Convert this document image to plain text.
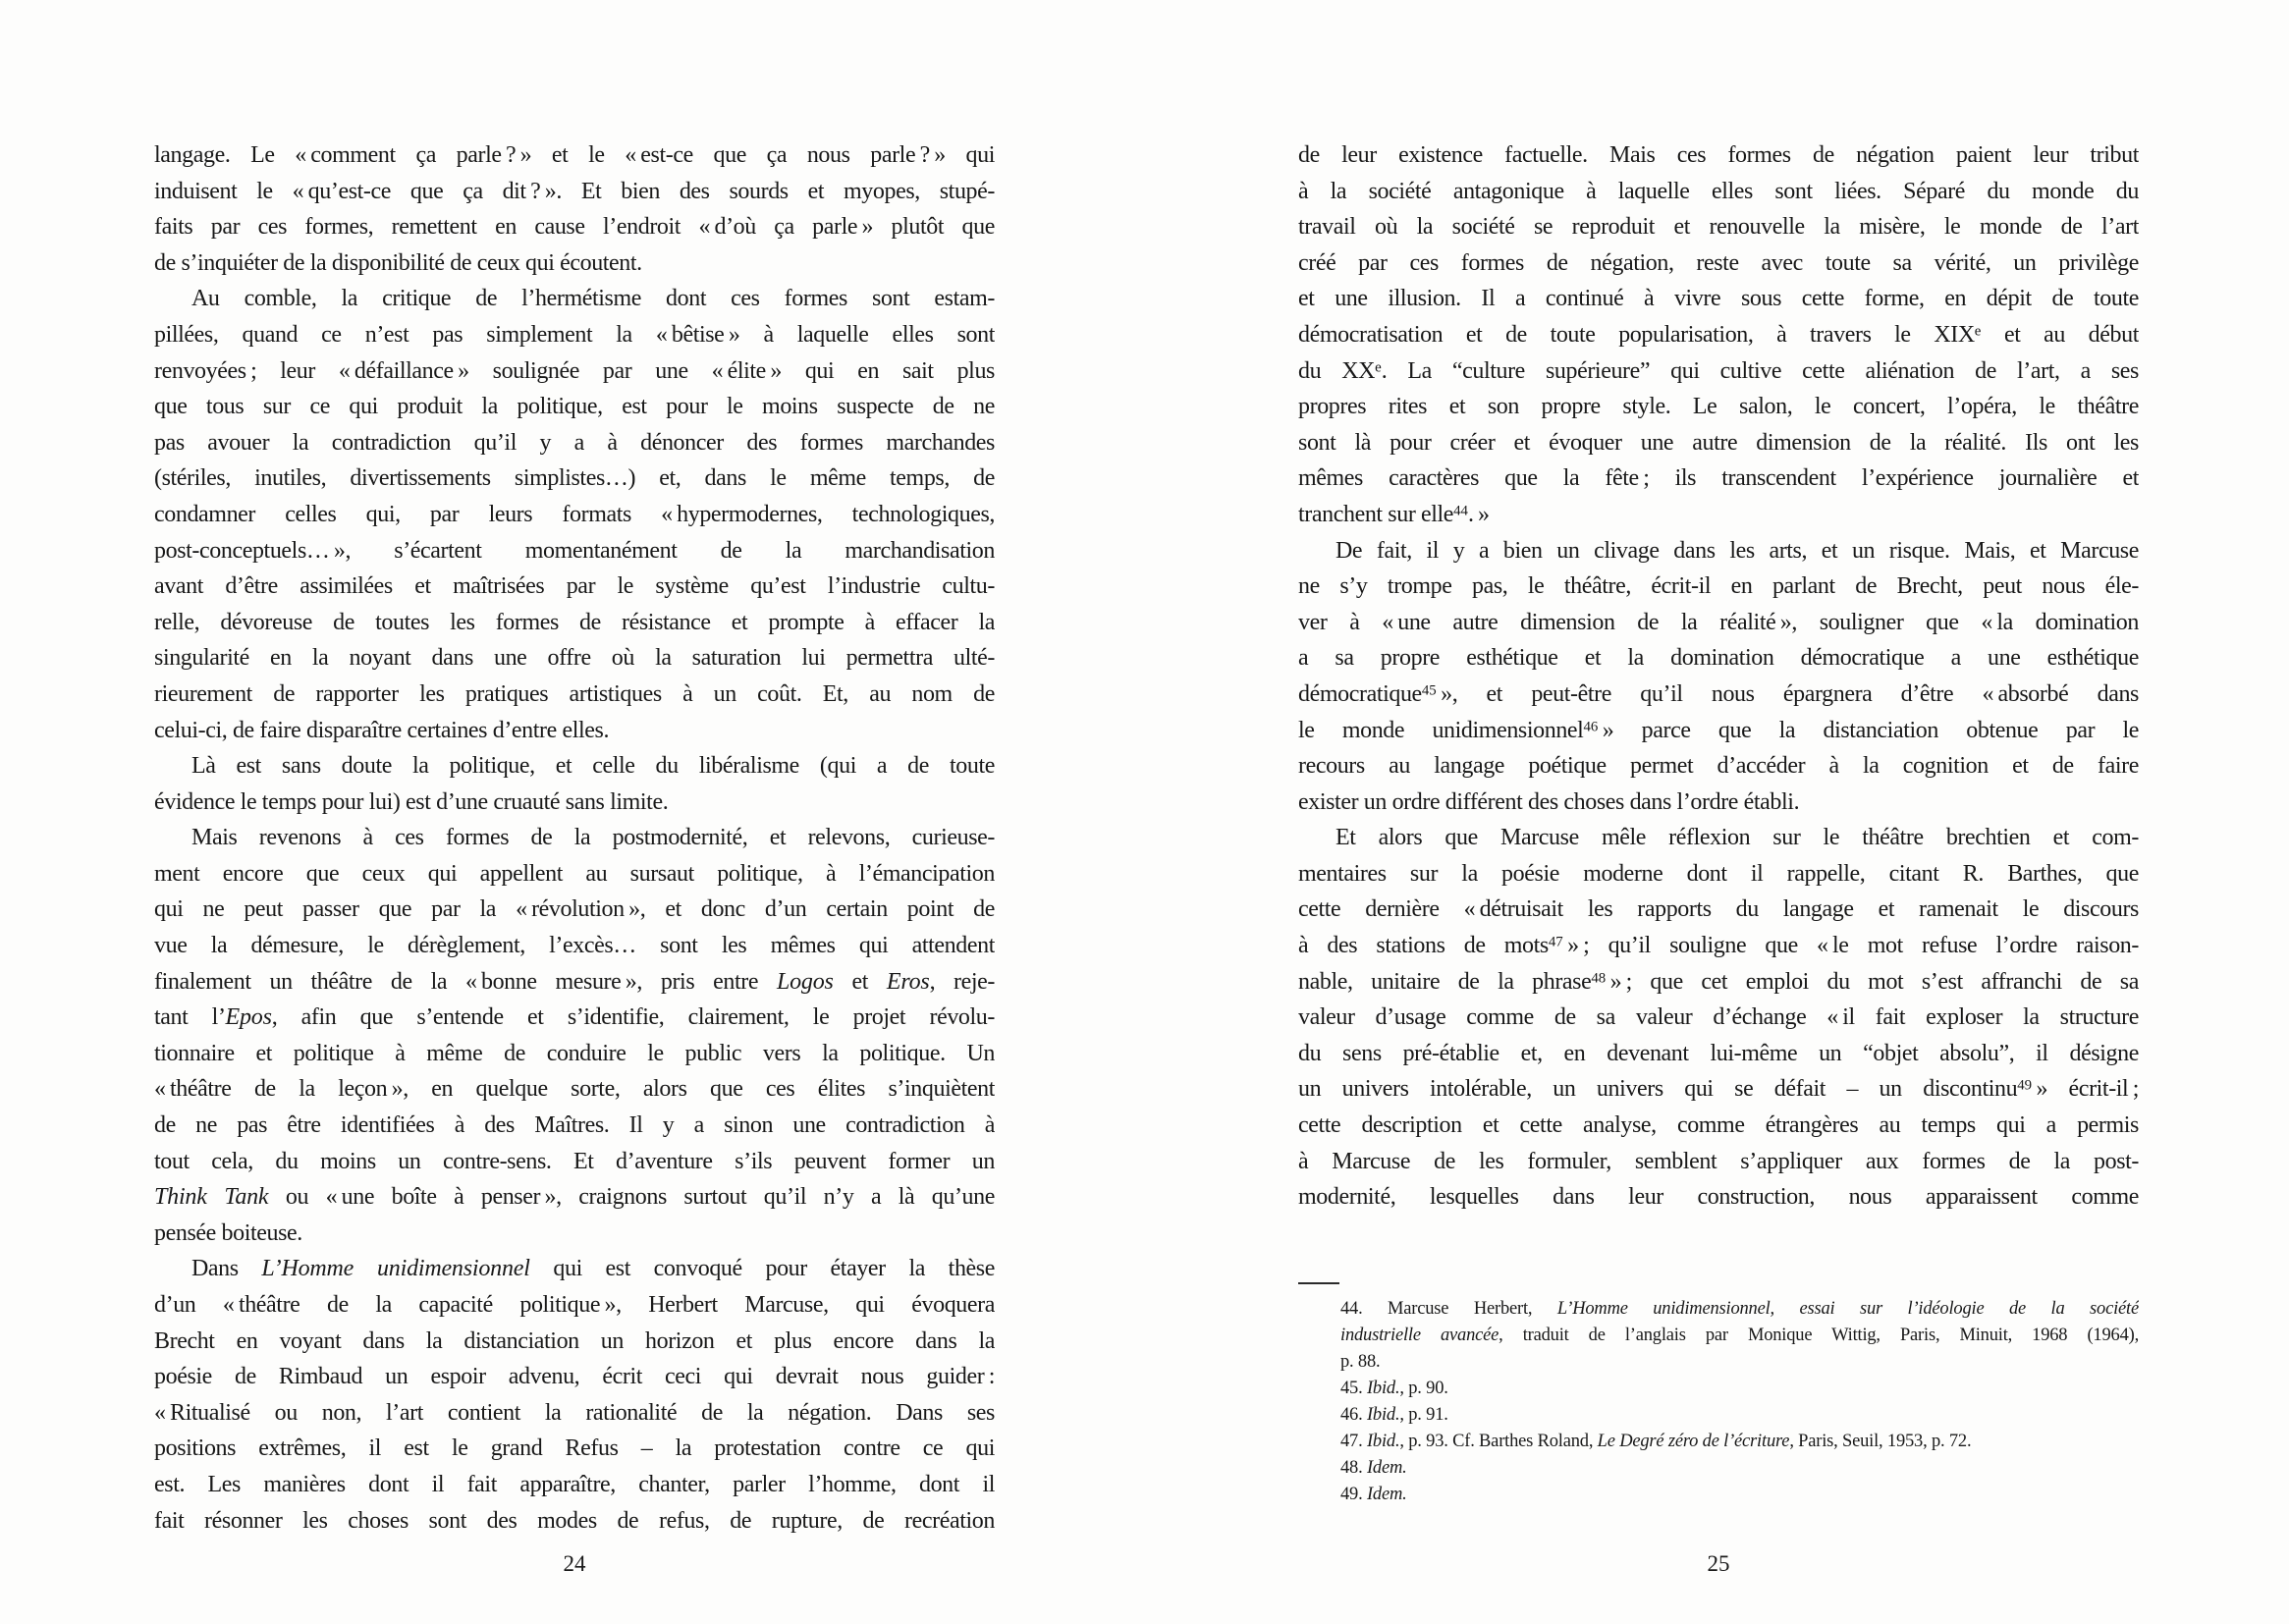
langage. Le « comment ça parle ? » et le « est-ce que ça nous parle ? » qui
induisent le « qu’est-ce que ça dit ? ». Et bien des sourds et myopes, stupé-
faits par ces formes, remettent en cause l’endroit « d’où ça parle » plutôt que
de s’inquiéter de la disponibilité de ceux qui écoutent.
Au comble, la critique de l’hermétisme dont ces formes sont estam-
pillées, quand ce n’est pas simplement la « bêtise » à laquelle elles sont
renvoyées ; leur « défaillance » soulignée par une « élite » qui en sait plus
que tous sur ce qui produit la politique, est pour le moins suspecte de ne
pas avouer la contradiction qu’il y a à dénoncer des formes marchandes
(stériles, inutiles, divertissements simplistes…) et, dans le même temps, de
condamner celles qui, par leurs formats « hypermodernes, technologiques,
post-conceptuels… », s’écartent momentanément de la marchandisation
avant d’être assimilées et maîtrisées par le système qu’est l’industrie cultu-
relle, dévoreuse de toutes les formes de résistance et prompte à effacer la
singularité en la noyant dans une offre où la saturation lui permettra ulté-
rieurement de rapporter les pratiques artistiques à un coût. Et, au nom de
celui-ci, de faire disparaître certaines d’entre elles.
Là est sans doute la politique, et celle du libéralisme (qui a de toute
évidence le temps pour lui) est d’une cruauté sans limite.
Mais revenons à ces formes de la postmodernité, et relevons, curieuse-
ment encore que ceux qui appellent au sursaut politique, à l’émancipation
qui ne peut passer que par la « révolution », et donc d’un certain point de
vue la démesure, le dérèglement, l’excès… sont les mêmes qui attendent
finalement un théâtre de la « bonne mesure », pris entre Logos et Eros, reje-
tant l’Epos, afin que s’entende et s’identifie, clairement, le projet révolu-
tionnaire et politique à même de conduire le public vers la politique. Un
« théâtre de la leçon », en quelque sorte, alors que ces élites s’inquiètent
de ne pas être identifiées à des Maîtres. Il y a sinon une contradiction à
tout cela, du moins un contre-sens. Et d’aventure s’ils peuvent former un
Think Tank ou « une boîte à penser », craignons surtout qu’il n’y a là qu’une
pensée boiteuse.
Dans L’Homme unidimensionnel qui est convoqué pour étayer la thèse
d’un « théâtre de la capacité politique », Herbert Marcuse, qui évoquera
Brecht en voyant dans la distanciation un horizon et plus encore dans la
poésie de Rimbaud un espoir advenu, écrit ceci qui devrait nous guider :
« Ritualisé ou non, l’art contient la rationalité de la négation. Dans ses
positions extrêmes, il est le grand Refus – la protestation contre ce qui
est. Les manières dont il fait apparaître, chanter, parler l’homme, dont il
fait résonner les choses sont des modes de refus, de rupture, de recréation
de leur existence factuelle. Mais ces formes de négation paient leur tribut
à la société antagonique à laquelle elles sont liées. Séparé du monde du
travail où la société se reproduit et renouvelle la misère, le monde de l’art
créé par ces formes de négation, reste avec toute sa vérité, un privilège
et une illusion. Il a continué à vivre sous cette forme, en dépit de toute
démocratisation et de toute popularisation, à travers le XIXe et au début
du XXe. La “culture supérieure” qui cultive cette aliénation de l’art, a ses
propres rites et son propre style. Le salon, le concert, l’opéra, le théâtre
sont là pour créer et évoquer une autre dimension de la réalité. Ils ont les
mêmes caractères que la fête ; ils transcendent l’expérience journalière et
tranchent sur elle$^{44}$. »
De fait, il y a bien un clivage dans les arts, et un risque. Mais, et Marcuse
ne s’y trompe pas, le théâtre, écrit-il en parlant de Brecht, peut nous éle-
ver à « une autre dimension de la réalité », souligner que « la domination
a sa propre esthétique et la domination démocratique a une esthétique
démocratique$^{45}$ », et peut-être qu’il nous épargnera d’être « absorbé dans
le monde unidimensionnel$^{46}$ » parce que la distanciation obtenue par le
recours au langage poétique permet d’accéder à la cognition et de faire
exister un ordre différent des choses dans l’ordre établi.
Et alors que Marcuse mêle réflexion sur le théâtre brechtien et com-
mentaires sur la poésie moderne dont il rappelle, citant R. Barthes, que
cette dernière « détruisait les rapports du langage et ramenait le discours
à des stations de mots$^{47}$ » ; qu’il souligne que « le mot refuse l’ordre raison-
nable, unitaire de la phrase$^{48}$ » ; que cet emploi du mot s’est affranchi de sa
valeur d’usage comme de sa valeur d’échange « il fait exploser la structure
du sens pré-établie et, en devenant lui-même un “objet absolu”, il désigne
un univers intolérable, un univers qui se défait – un discontinu$^{49}$ » écrit-il ;
cette description et cette analyse, comme étrangères au temps qui a permis
à Marcuse de les formuler, semblent s’appliquer aux formes de la post-
modernité, lesquelles dans leur construction, nous apparaissent comme
44. Marcuse Herbert, L’Homme unidimensionnel, essai sur l’idéologie de la société
industrielle avancée, traduit de l’anglais par Monique Wittig, Paris, Minuit, 1968 (1964),
p. 88.
45. Ibid., p. 90.
46. Ibid., p. 91.
47. Ibid., p. 93. Cf. Barthes Roland, Le Degré zéro de l’écriture, Paris, Seuil, 1953, p. 72.
48. Idem.
49. Idem.
24	25
